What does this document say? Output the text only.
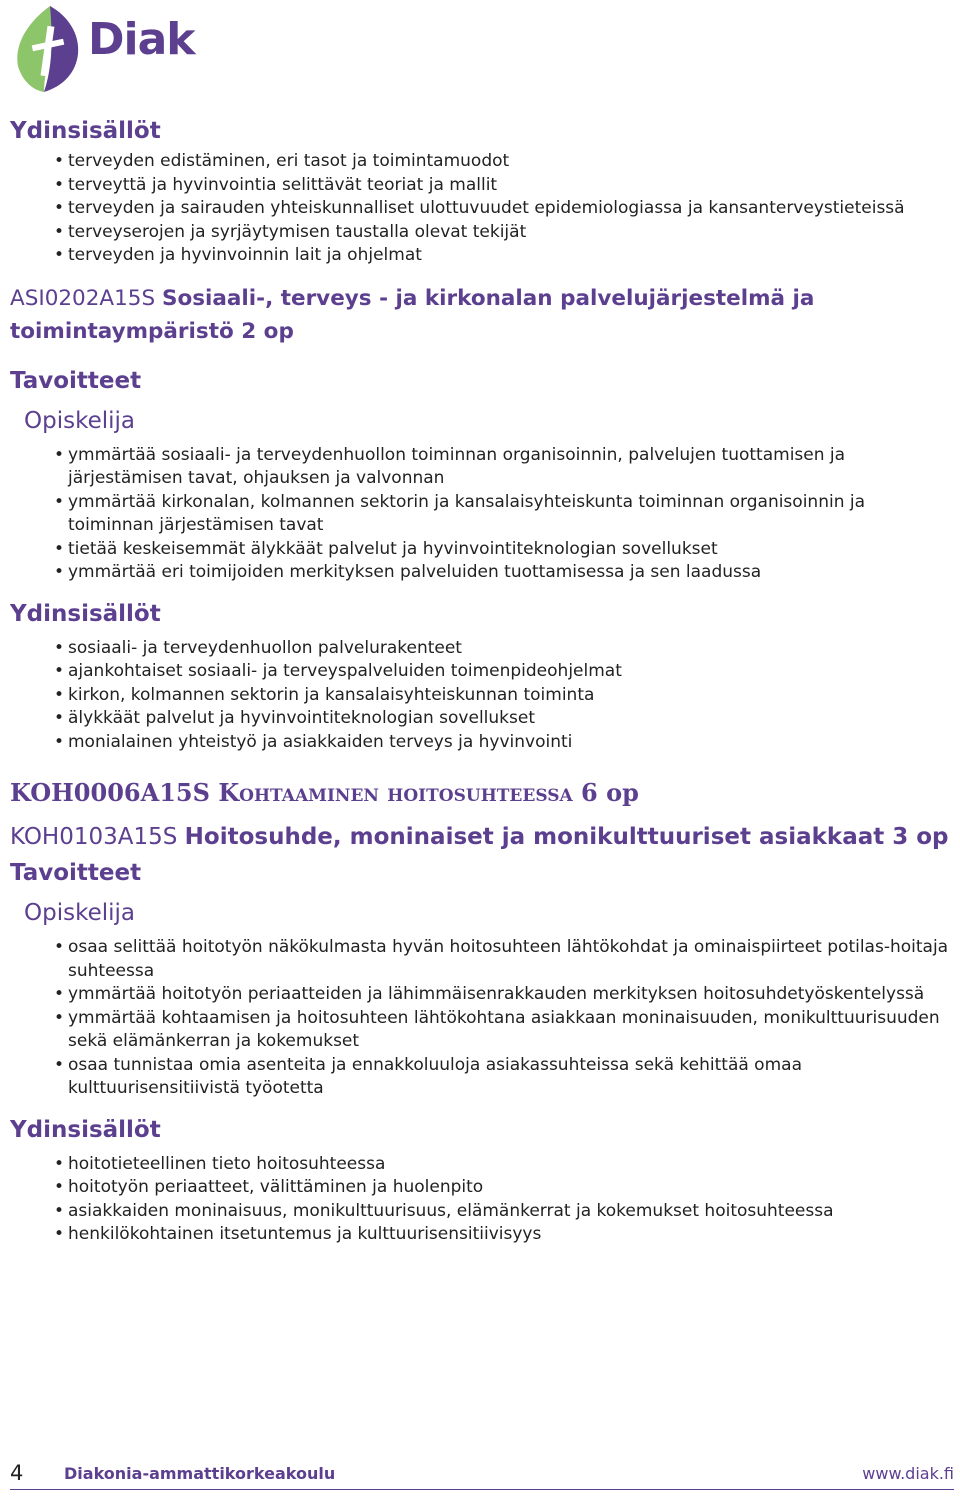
Diak
Ydinsisällöt
• terveyden edistäminen, eri tasot ja toimintamuodot
• terveyttä ja hyvinvointia selittävät teoriat ja mallit
• terveyden ja sairauden yhteiskunnalliset ulottuvuudet epidemiologiassa ja kansanterveystieteissä
• terveyserojen ja syrjäytymisen taustalla olevat tekijät
• terveyden ja hyvinvoinnin lait ja ohjelmat
ASI0202A15S Sosiaali-, terveys - ja kirkonalan palvelujärjestelmä ja toimintaympäristö 2 op
Tavoitteet
Opiskelija
• ymmärtää sosiaali- ja terveydenhuollon toiminnan organisoinnin, palvelujen tuottamisen ja järjestämisen tavat, ohjauksen ja valvonnan
• ymmärtää kirkonalan, kolmannen sektorin ja kansalaisyhteiskunta toiminnan organisoinnin ja toiminnan järjestämisen tavat
• tietää keskeisemmät älykkäät palvelut ja hyvinvointiteknologian sovellukset
• ymmärtää eri toimijoiden merkityksen palveluiden tuottamisessa ja sen laadussa
Ydinsisällöt
• sosiaali- ja terveydenhuollon palvelurakenteet
• ajankohtaiset sosiaali- ja terveyspalveluiden toimenpideohjelmat
• kirkon, kolmannen sektorin ja kansalaisyhteiskunnan toiminta
• älykkäät palvelut ja hyvinvointiteknologian sovellukset
• monialainen yhteistyö ja asiakkaiden terveys ja hyvinvointi
KOH0006A15S Kohtaaminen hoitosuhteessa 6 op
KOH0103A15S Hoitosuhde, moninaiset ja monikulttuuriset asiakkaat 3 op
Tavoitteet
Opiskelija
• osaa selittää hoitotyön näkökulmasta hyvän hoitosuhteen lähtökohdat ja ominaispiirteet potilas-hoitaja suhteessa
• ymmärtää hoitotyön periaatteiden ja lähimmäisenrakkauden merkityksen hoitosuhdetyöskentelyssä
• ymmärtää kohtaamisen ja hoitosuhteen lähtökohtana asiakkaan moninaisuuden, monikulttuurisuuden sekä elämänkerran ja kokemukset
• osaa tunnistaa omia asenteita ja ennakkoluuloja asiakassuhteissa sekä kehittää omaa kulttuurisensitiivistä työotetta
Ydinsisällöt
• hoitotieteellinen tieto hoitosuhteessa
• hoitotyön periaatteet, välittäminen ja huolenpito
• asiakkaiden moninaisuus, monikulttuurisuus, elämänkerrat ja kokemukset hoitosuhteessa
• henkilökohtainen itsetuntemus ja kulttuurisensitiivisyys
4	Diakonia-ammattikorkeakoulu	www.diak.fi
